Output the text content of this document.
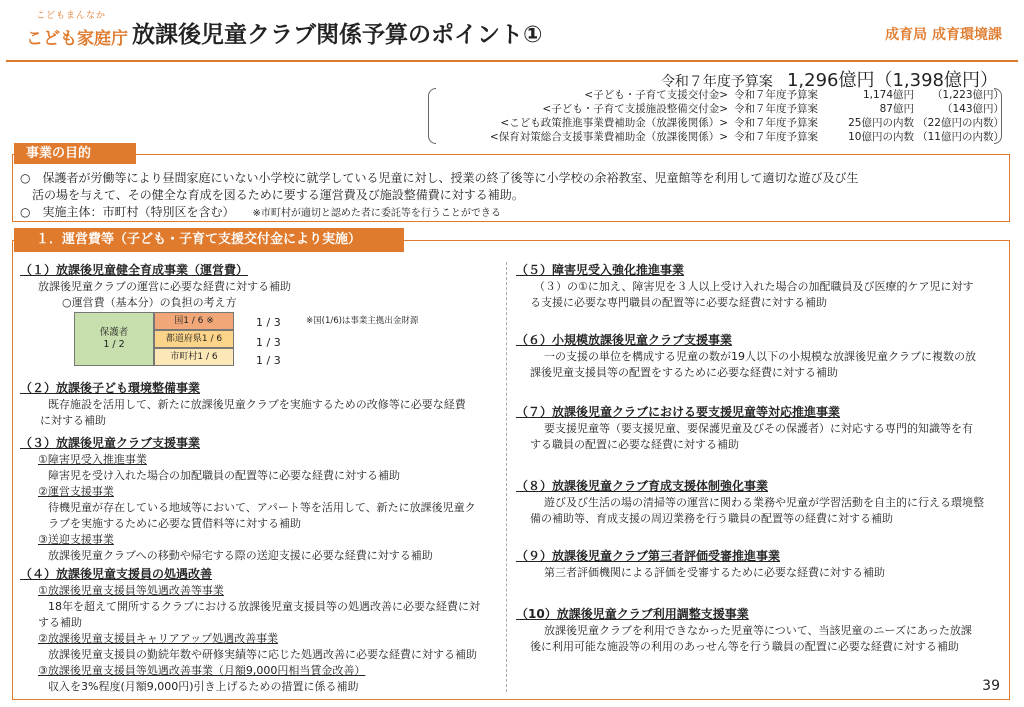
こどもまんなか
こども家庭庁 放課後児童クラブ関係予算のポイント①	成育局 成育環境課
令和７年度予算案 1,296億円（1,398億円）
<子ども・子育て支援交付金> 令和７年度予算案	1,174億円	（1,223億円）
<子ども・子育て支援施設整備交付金> 令和７年度予算案	87億円	（143億円）
<こども政策推進事業費補助金（放課後関係）> 令和７年度予算案	25億円の内数 （22億円の内数）
<保育対策総合支援事業費補助金（放課後関係）> 令和７年度予算案	10億円の内数 （11億円の内数）
事業の目的
○　保護者が労働等により昼間家庭にいない小学校に就学している児童に対し、授業の終了後等に小学校の余裕教室、児童館等を利用して適切な遊び及び生
　活の場を与えて、その健全な育成を図るために要する運営費及び施設整備費に対する補助。
○　実施主体：市町村（特別区を含む） ※市町村が適切と認めた者に委託等を行うことができる
１．運営費等（子ども・子育て支援交付金により実施）
（１）放課後児童健全育成事業（運営費）
放課後児童クラブの運営に必要な経費に対する補助
○運営費（基本分）の負担の考え方
保護者
1 / 2
国1 / 6 ※
都道府県1 / 6
市町村1 / 6
1 / 3
1 / 3
1 / 3
※国(1/6)は事業主拠出金財源
（２）放課後子ども環境整備事業
既存施設を活用して、新たに放課後児童クラブを実施するための改修等に必要な経費
に対する補助
（３）放課後児童クラブ支援事業
①障害児受入推進事業
障害児を受け入れた場合の加配職員の配置等に必要な経費に対する補助
②運営支援事業
待機児童が存在している地域等において、アパート等を活用して、新たに放課後児童ク
ラブを実施するために必要な賃借料等に対する補助
③送迎支援事業
放課後児童クラブへの移動や帰宅する際の送迎支援に必要な経費に対する補助
（４）放課後児童支援員の処遇改善
①放課後児童支援員等処遇改善等事業
18年を超えて開所するクラブにおける放課後児童支援員等の処遇改善に必要な経費に対
する補助
②放課後児童支援員キャリアアップ処遇改善事業
放課後児童支援員の勤続年数や研修実績等に応じた処遇改善に必要な経費に対する補助
③放課後児童支援員等処遇改善事業（月額9,000円相当賃金改善）
収入を3%程度(月額9,000円)引き上げるための措置に係る補助
（５）障害児受入強化推進事業
（３）の①に加え、障害児を３人以上受け入れた場合の加配職員及び医療的ケア児に対す
る支援に必要な専門職員の配置等に必要な経費に対する補助
（６）小規模放課後児童クラブ支援事業
一の支援の単位を構成する児童の数が19人以下の小規模な放課後児童クラブに複数の放
課後児童支援員等の配置をするために必要な経費に対する補助
（７）放課後児童クラブにおける要支援児童等対応推進事業
要支援児童等（要支援児童、要保護児童及びその保護者）に対応する専門的知識等を有
する職員の配置に必要な経費に対する補助
（８）放課後児童クラブ育成支援体制強化事業
遊び及び生活の場の清掃等の運営に関わる業務や児童が学習活動を自主的に行える環境整
備の補助等、育成支援の周辺業務を行う職員の配置等の経費に対する補助
（９）放課後児童クラブ第三者評価受審推進事業
第三者評価機関による評価を受審するために必要な経費に対する補助
（10）放課後児童クラブ利用調整支援事業
放課後児童クラブを利用できなかった児童等について、当該児童のニーズにあった放課
後に利用可能な施設等の利用のあっせん等を行う職員の配置に必要な経費に対する補助
39
